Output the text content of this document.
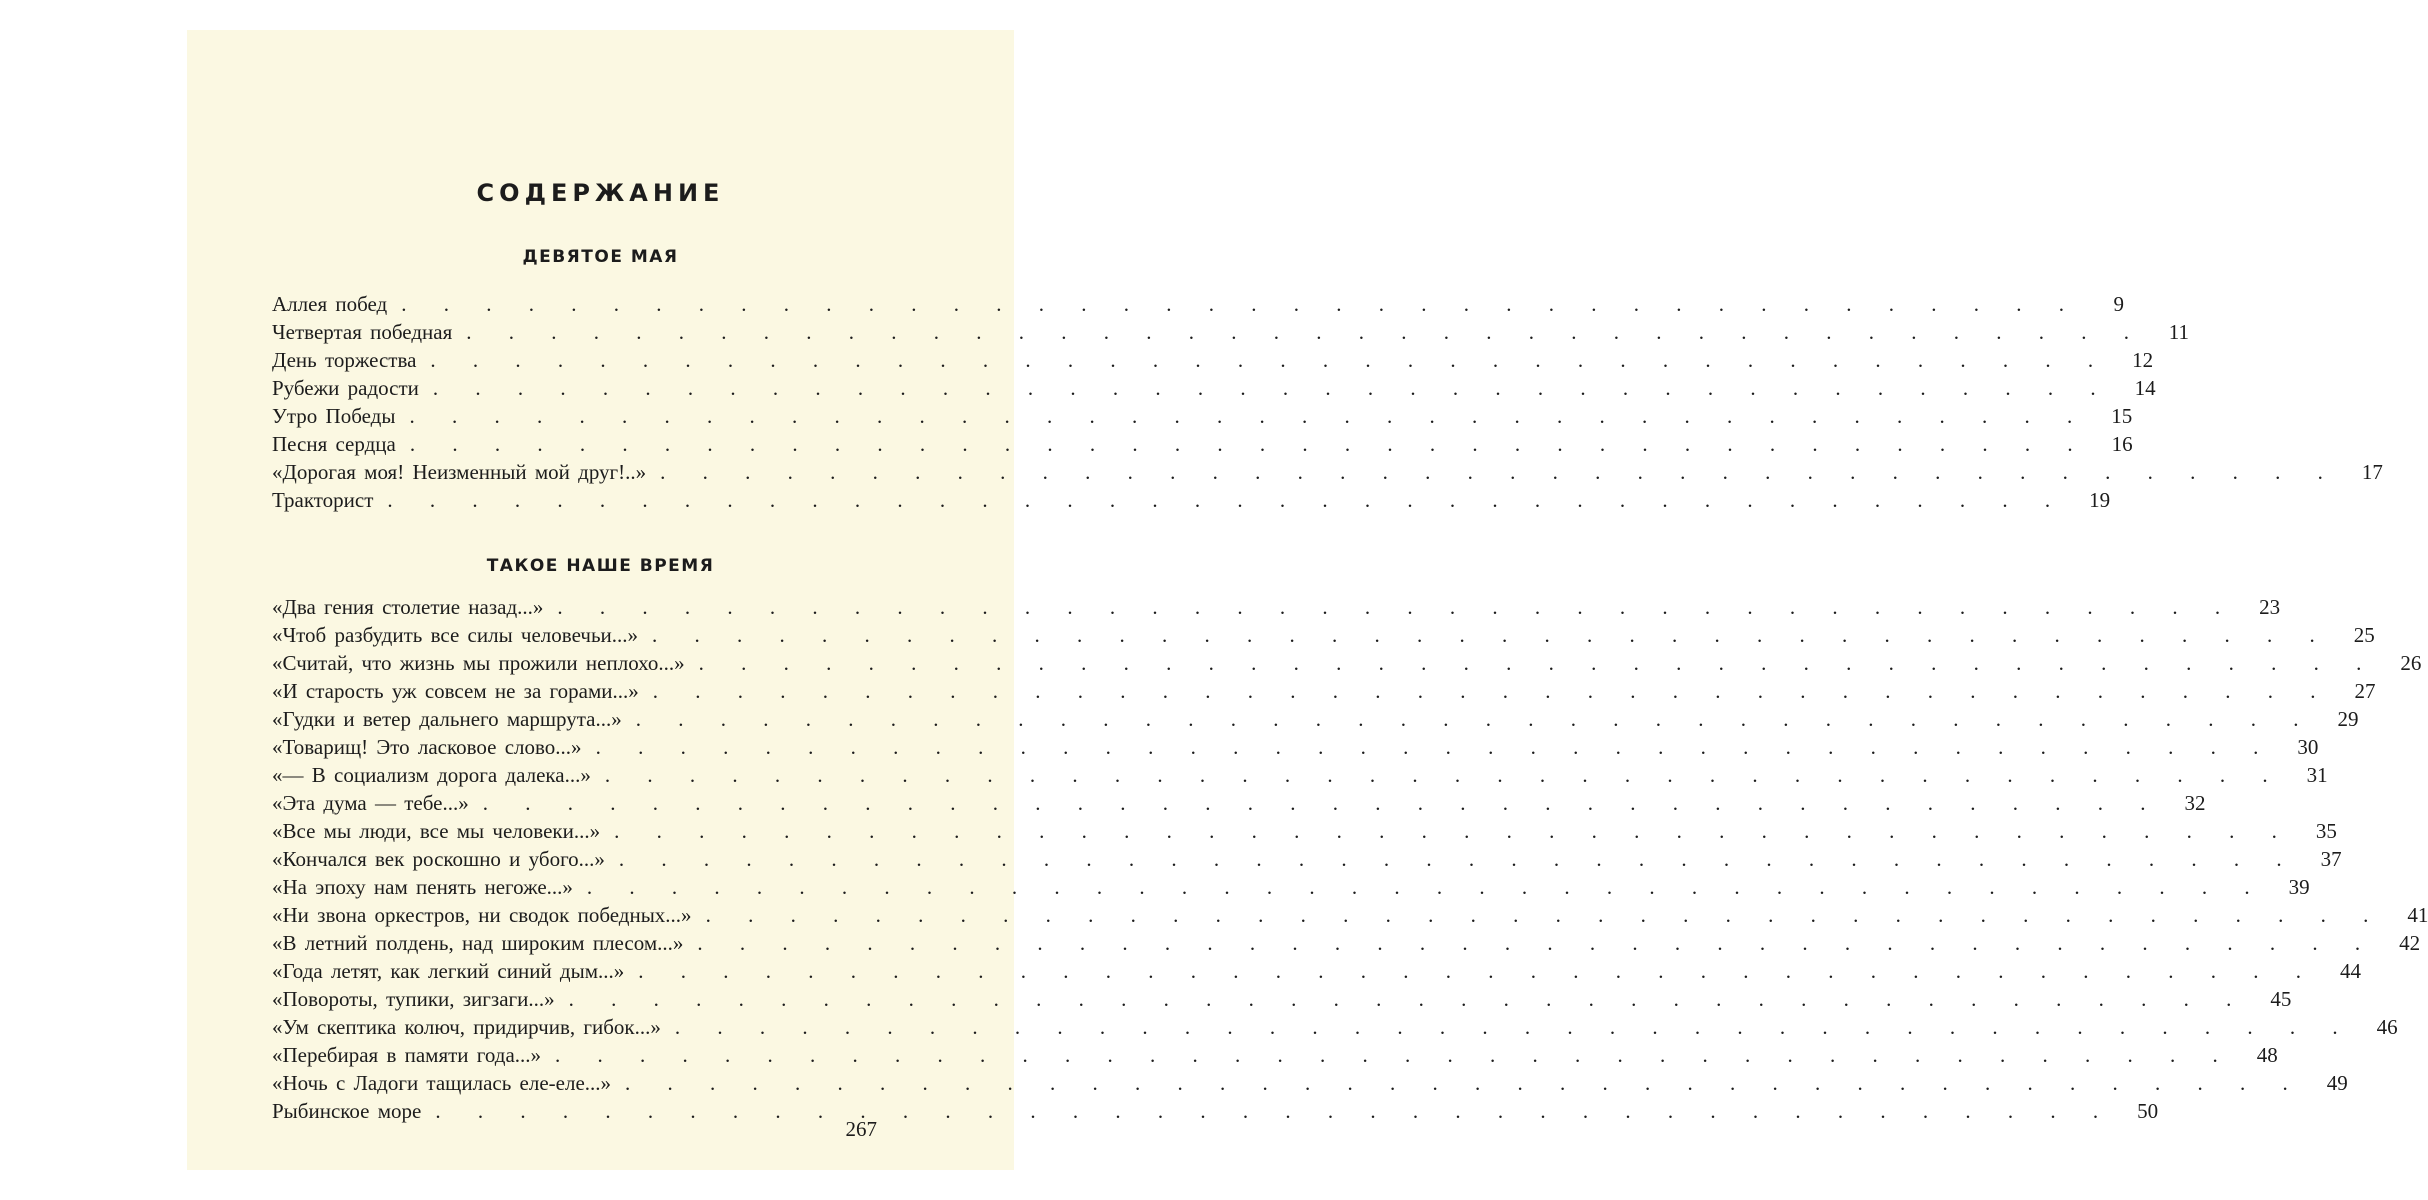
СОДЕРЖАНИЕ
ДЕВЯТОЕ МАЯ
Аллея побед . . . . . . . . . . . . . . . . . . . . . . . . . . . . . . . . . . . . . . . .	9
Четвертая победная . . . . . . . . . . . . . . . . . . . . . . . . . . . . . . . . . . . . . . . .	11
День торжества . . . . . . . . . . . . . . . . . . . . . . . . . . . . . . . . . . . . . . . .	12
Рубежи радости . . . . . . . . . . . . . . . . . . . . . . . . . . . . . . . . . . . . . . . .	14
Утро Победы . . . . . . . . . . . . . . . . . . . . . . . . . . . . . . . . . . . . . . . .	15
Песня сердца . . . . . . . . . . . . . . . . . . . . . . . . . . . . . . . . . . . . . . . .	16
«Дорогая моя! Неизменный мой друг!..» . . . . . . . . . . . . . . . . . . . . . . . . . . . . . . . . . . . . . . . .	17
Тракторист . . . . . . . . . . . . . . . . . . . . . . . . . . . . . . . . . . . . . . . .	19
ТАКОЕ НАШЕ ВРЕМЯ
«Два гения столетие назад...» . . . . . . . . . . . . . . . . . . . . . . . . . . . . . . . . . . . . . . . .	23
«Чтоб разбудить все силы человечьи...» . . . . . . . . . . . . . . . . . . . . . . . . . . . . . . . . . . . . . . . .	25
«Считай, что жизнь мы прожили неплохо...» . . . . . . . . . . . . . . . . . . . . . . . . . . . . . . . . . . . . . . . .	26
«И старость уж совсем не за горами...» . . . . . . . . . . . . . . . . . . . . . . . . . . . . . . . . . . . . . . . .	27
«Гудки и ветер дальнего маршрута...» . . . . . . . . . . . . . . . . . . . . . . . . . . . . . . . . . . . . . . . .	29
«Товарищ! Это ласковое слово...» . . . . . . . . . . . . . . . . . . . . . . . . . . . . . . . . . . . . . . . .	30
«— В социализм дорога далека...» . . . . . . . . . . . . . . . . . . . . . . . . . . . . . . . . . . . . . . . .	31
«Эта дума — тебе...» . . . . . . . . . . . . . . . . . . . . . . . . . . . . . . . . . . . . . . . .	32
«Все мы люди, все мы человеки...» . . . . . . . . . . . . . . . . . . . . . . . . . . . . . . . . . . . . . . . .	35
«Кончался век роскошно и убого...» . . . . . . . . . . . . . . . . . . . . . . . . . . . . . . . . . . . . . . . .	37
«На эпоху нам пенять негоже...» . . . . . . . . . . . . . . . . . . . . . . . . . . . . . . . . . . . . . . . .	39
«Ни звона оркестров, ни сводок победных...» . . . . . . . . . . . . . . . . . . . . . . . . . . . . . . . . . . . . . . . .	41
«В летний полдень, над широким плесом...» . . . . . . . . . . . . . . . . . . . . . . . . . . . . . . . . . . . . . . . .	42
«Года летят, как легкий синий дым...» . . . . . . . . . . . . . . . . . . . . . . . . . . . . . . . . . . . . . . . .	44
«Повороты, тупики, зигзаги...» . . . . . . . . . . . . . . . . . . . . . . . . . . . . . . . . . . . . . . . .	45
«Ум скептика колюч, придирчив, гибок...» . . . . . . . . . . . . . . . . . . . . . . . . . . . . . . . . . . . . . . . .	46
«Перебирая в памяти года...» . . . . . . . . . . . . . . . . . . . . . . . . . . . . . . . . . . . . . . . .	48
«Ночь с Ладоги тащилась еле-еле...» . . . . . . . . . . . . . . . . . . . . . . . . . . . . . . . . . . . . . . . .	49
Рыбинское море . . . . . . . . . . . . . . . . . . . . . . . . . . . . . . . . . . . . . . . .	50
267
